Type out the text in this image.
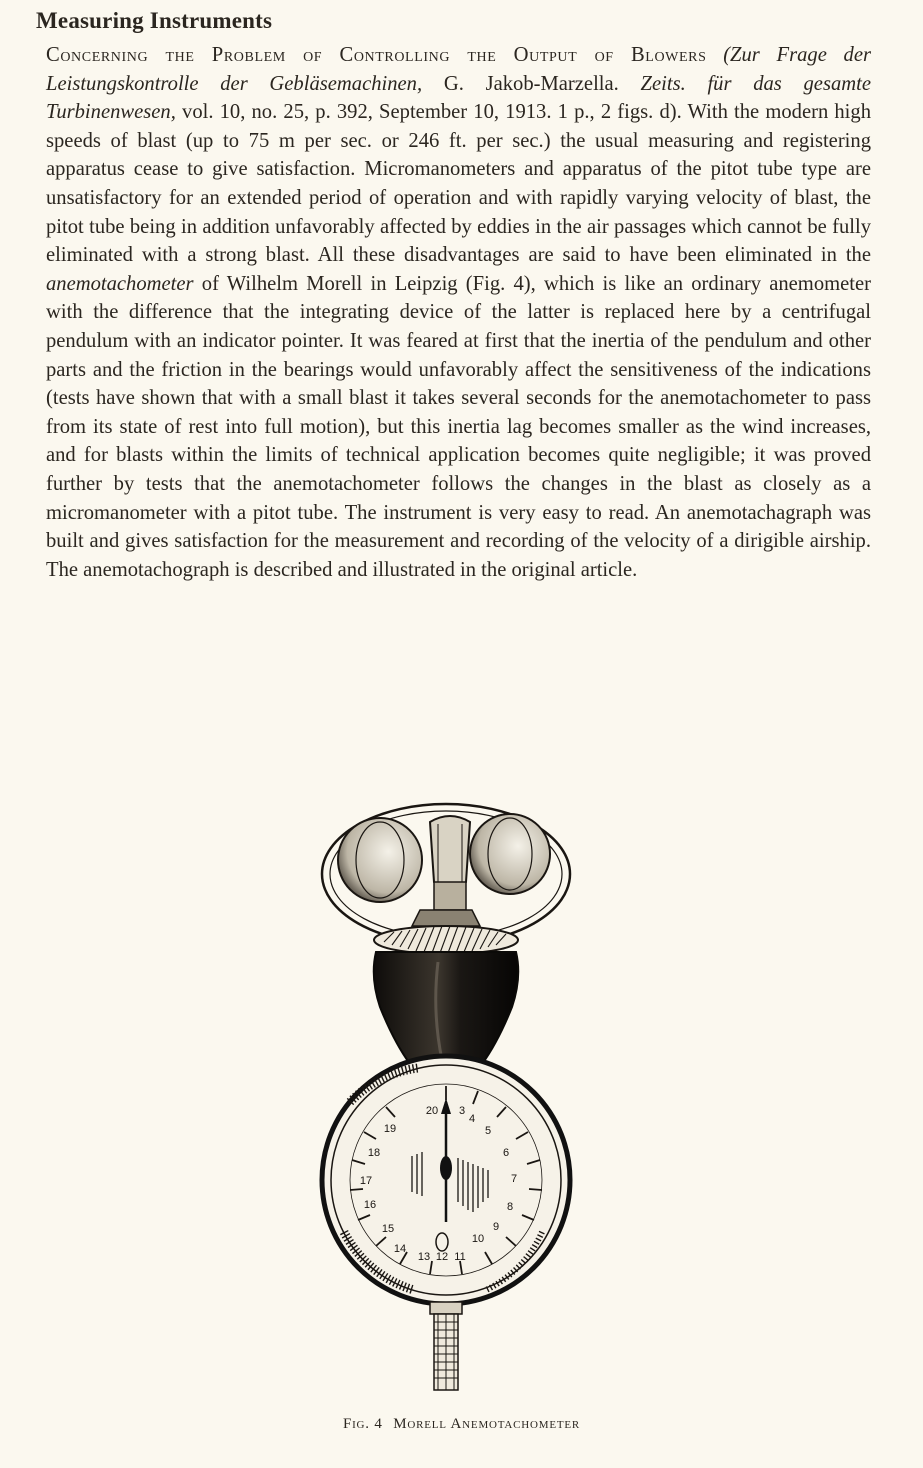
Measuring Instruments

Concerning the Problem of Controlling the Output of Blowers (Zur Frage der Leistungskontrolle der Gebläsemachinen, G. Jakob-Marzella. Zeits. für das gesamte Turbinenwesen, vol. 10, no. 25, p. 392, September 10, 1913. 1 p., 2 figs. d). With the modern high speeds of blast (up to 75 m per sec. or 246 ft. per sec.) the usual measuring and registering apparatus cease to give satisfaction. Micromanometers and apparatus of the pitot tube type are unsatisfactory for an extended period of operation and with rapidly varying velocity of blast, the pitot tube being in addition unfavorably affected by eddies in the air passages which cannot be fully eliminated with a strong blast. All these disadvantages are said to have been eliminated in the anemotachometer of Wilhelm Morell in Leipzig (Fig. 4), which is like an ordinary anemometer with the difference that the integrating device of the latter is replaced here by a centrifugal pendulum with an indicator pointer. It was feared at first that the inertia of the pendulum and other parts and the friction in the bearings would unfavorably affect the sensitiveness of the indications (tests have shown that with a small blast it takes several seconds for the anemotachometer to pass from its state of rest into full motion), but this inertia lag becomes smaller as the wind increases, and for blasts within the limits of technical application becomes quite negligible; it was proved further by tests that the anemotachometer follows the changes in the blast as closely as a micromanometer with a pitot tube. The instrument is very easy to read. An anemotachagraph was built and gives satisfaction for the measurement and recording of the velocity of a dirigible airship. The anemotachograph is described and illustrated in the original article.

20 3
4
5
6
7
8
9
10
11
12
13
14
15
16
17
18
19
Fig. 4 Morell Anemotachometer
